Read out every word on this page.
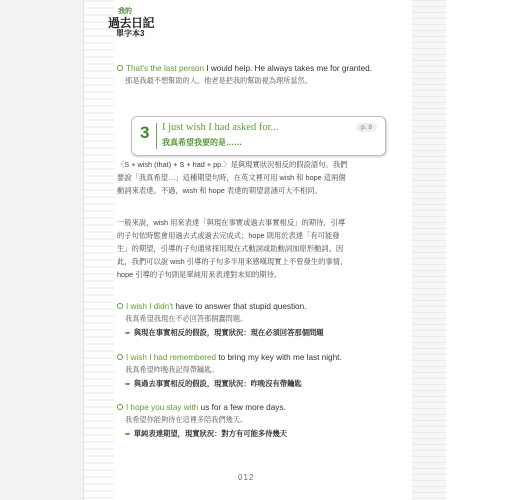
我的
過去日記
單字本3
That's the last person I would help. He always takes me for granted.
那是我最不想幫助的人。他老是把我的幫助視為理所當然。
3 I just wish I had asked for...
我真希望我要的是……
p. 8
〈S + wish (that) + S + had + pp.〉是與現實狀況相反的假設語句。我們
要說「我真希望…」這種期望句時，在英文裡可用 wish 和 hope 這兩個
動詞來表達。不過，wish 和 hope 表達的期望意涵可大不相同。
一般來說，wish 用來表達「與現在事實或過去事實相反」的期待，引導
的子句依時態會用過去式或過去完成式；hope 則用於表達「有可能發
生」的期望，引導的子句通常採用現在式動詞或助動詞加原形動詞。因
此，我們可以說 wish 引導的子句多半用來感嘆現實上不曾發生的事情，
hope 引導的子句則是單純用來表達對未知的期待。
I wish I didn't have to answer that stupid question.
我真希望我現在不必回答那個蠢問題。
➨ 與現在事實相反的假設，現實狀況：現在必須回答那個問題
I wish I had remembered to bring my key with me last night.
我真希望昨晚我記得帶鑰匙。
➨ 與過去事實相反的假設，現實狀況：昨晚沒有帶鑰匙
I hope you stay with us for a few more days.
我希望你能夠待在這裡多陪我們幾天。
➨ 單純表達期望，現實狀況：對方有可能多待幾天
012
